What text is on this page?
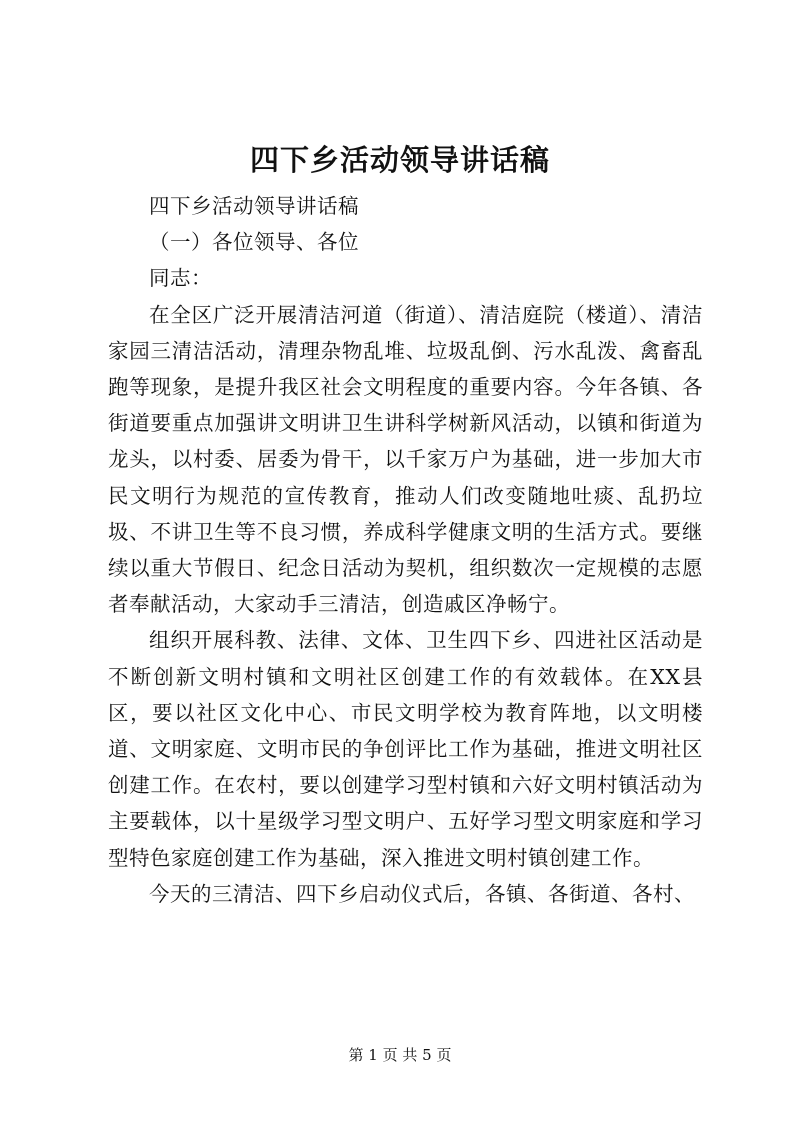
四下乡活动领导讲话稿

四下乡活动领导讲话稿

（一）各位领导、各位

同志：

在全区广泛开展清洁河道（街道）、清洁庭院（楼道）、清洁家园三清洁活动，清理杂物乱堆、垃圾乱倒、污水乱泼、禽畜乱跑等现象，是提升我区社会文明程度的重要内容。今年各镇、各街道要重点加强讲文明讲卫生讲科学树新风活动，以镇和街道为龙头，以村委、居委为骨干，以千家万户为基础，进一步加大市民文明行为规范的宣传教育，推动人们改变随地吐痰、乱扔垃圾、不讲卫生等不良习惯，养成科学健康文明的生活方式。要继续以重大节假日、纪念日活动为契机，组织数次一定规模的志愿者奉献活动，大家动手三清洁，创造戚区净畅宁。

组织开展科教、法律、文体、卫生四下乡、四进社区活动是不断创新文明村镇和文明社区创建工作的有效载体。在XX县区，要以社区文化中心、市民文明学校为教育阵地，以文明楼道、文明家庭、文明市民的争创评比工作为基础，推进文明社区创建工作。在农村，要以创建学习型村镇和六好文明村镇活动为主要载体，以十星级学习型文明户、五好学习型文明家庭和学习型特色家庭创建工作为基础，深入推进文明村镇创建工作。

今天的三清洁、四下乡启动仪式后，各镇、各街道、各村、

第 1 页 共 5 页
